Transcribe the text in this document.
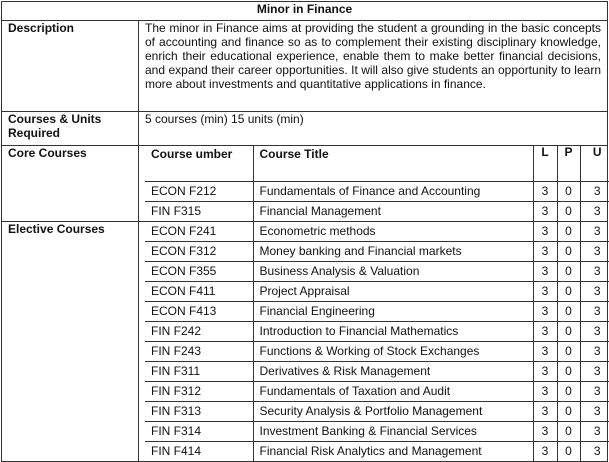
Minor in Finance
Description	The minor in Finance aims at providing the student a grounding in the basic concepts of accounting and finance so as to complement their existing disciplinary knowledge, enrich their educational experience, enable them to make better financial decisions, and expand their career opportunities. It will also give students an opportunity to learn more about investments and quantitative applications in finance.
Courses & Units Required	5 courses (min) 15 units (min)
Core Courses		Course umber	Course Title	L	P	U
ECON F212	Fundamentals of Finance and Accounting	3	0	3
FIN F315	Financial Management	3	0	3

Elective Courses		ECON F241	Econometric methods	3	0	3
ECON F312	Money banking and Financial markets	3	0	3
ECON F355	Business Analysis & Valuation	3	0	3
ECON F411	Project Appraisal	3	0	3
ECON F413	Financial Engineering	3	0	3
FIN F242	Introduction to Financial Mathematics	3	0	3
FIN F243	Functions & Working of Stock Exchanges	3	0	3
FIN F311	Derivatives & Risk Management	3	0	3
FIN F312	Fundamentals of Taxation and Audit	3	0	3
FIN F313	Security Analysis & Portfolio Management	3	0	3
FIN F314	Investment Banking & Financial Services	3	0	3
FIN F414	Financial Risk Analytics and Management	3	0	3
